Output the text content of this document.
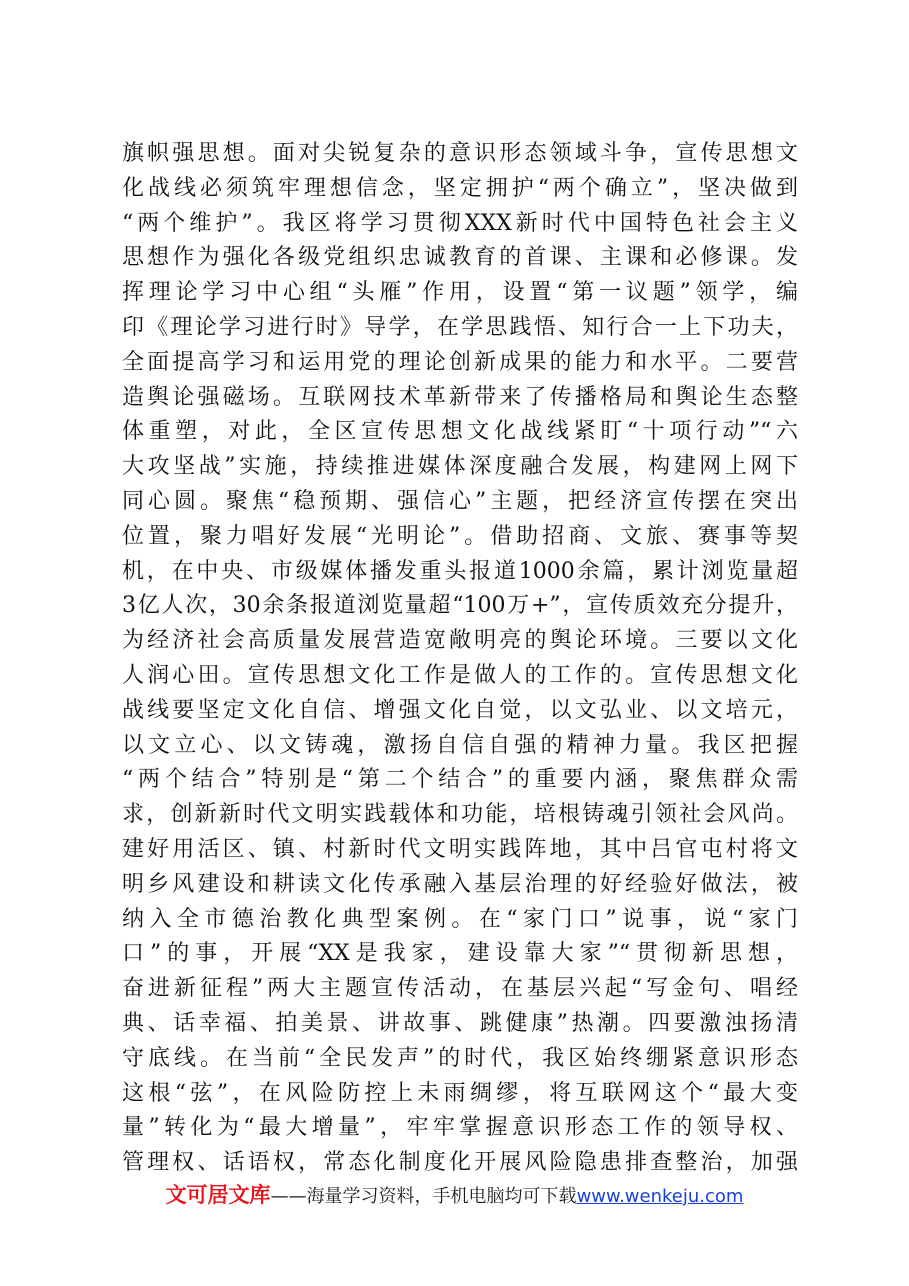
旗帜强思想。面对尖锐复杂的意识形态领域斗争，宣传思想文
化战线必须筑牢理想信念，坚定拥护“两个确立”，坚决做到
“两个维护”。我区将学习贯彻XXX新时代中国特色社会主义
思想作为强化各级党组织忠诚教育的首课、主课和必修课。发
挥理论学习中心组“头雁”作用，设置“第一议题”领学，编
印《理论学习进行时》导学，在学思践悟、知行合一上下功夫，
全面提高学习和运用党的理论创新成果的能力和水平。二要营
造舆论强磁场。互联网技术革新带来了传播格局和舆论生态整
体重塑，对此，全区宣传思想文化战线紧盯“十项行动”“六
大攻坚战”实施，持续推进媒体深度融合发展，构建网上网下
同心圆。聚焦“稳预期、强信心”主题，把经济宣传摆在突出
位置，聚力唱好发展“光明论”。借助招商、文旅、赛事等契
机，在中央、市级媒体播发重头报道1000余篇，累计浏览量超
3亿人次，30余条报道浏览量超“100万+”，宣传质效充分提升，
为经济社会高质量发展营造宽敞明亮的舆论环境。三要以文化
人润心田。宣传思想文化工作是做人的工作的。宣传思想文化
战线要坚定文化自信、增强文化自觉，以文弘业、以文培元，
以文立心、以文铸魂，激扬自信自强的精神力量。我区把握
“两个结合”特别是“第二个结合”的重要内涵，聚焦群众需
求，创新新时代文明实践载体和功能，培根铸魂引领社会风尚。
建好用活区、镇、村新时代文明实践阵地，其中吕官屯村将文
明乡风建设和耕读文化传承融入基层治理的好经验好做法，被
纳入全市德治教化典型案例。在“家门口”说事，说“家门
口”的事，开展“XX是我家，建设靠大家”“贯彻新思想，
奋进新征程”两大主题宣传活动，在基层兴起“写金句、唱经
典、话幸福、拍美景、讲故事、跳健康”热潮。四要激浊扬清
守底线。在当前“全民发声”的时代，我区始终绷紧意识形态
这根“弦”，在风险防控上未雨绸缪，将互联网这个“最大变
量”转化为“最大增量”，牢牢掌握意识形态工作的领导权、
管理权、话语权，常态化制度化开展风险隐患排查整治，加强
文可居文库——海量学习资料，手机电脑均可下载www.wenkeju.com
